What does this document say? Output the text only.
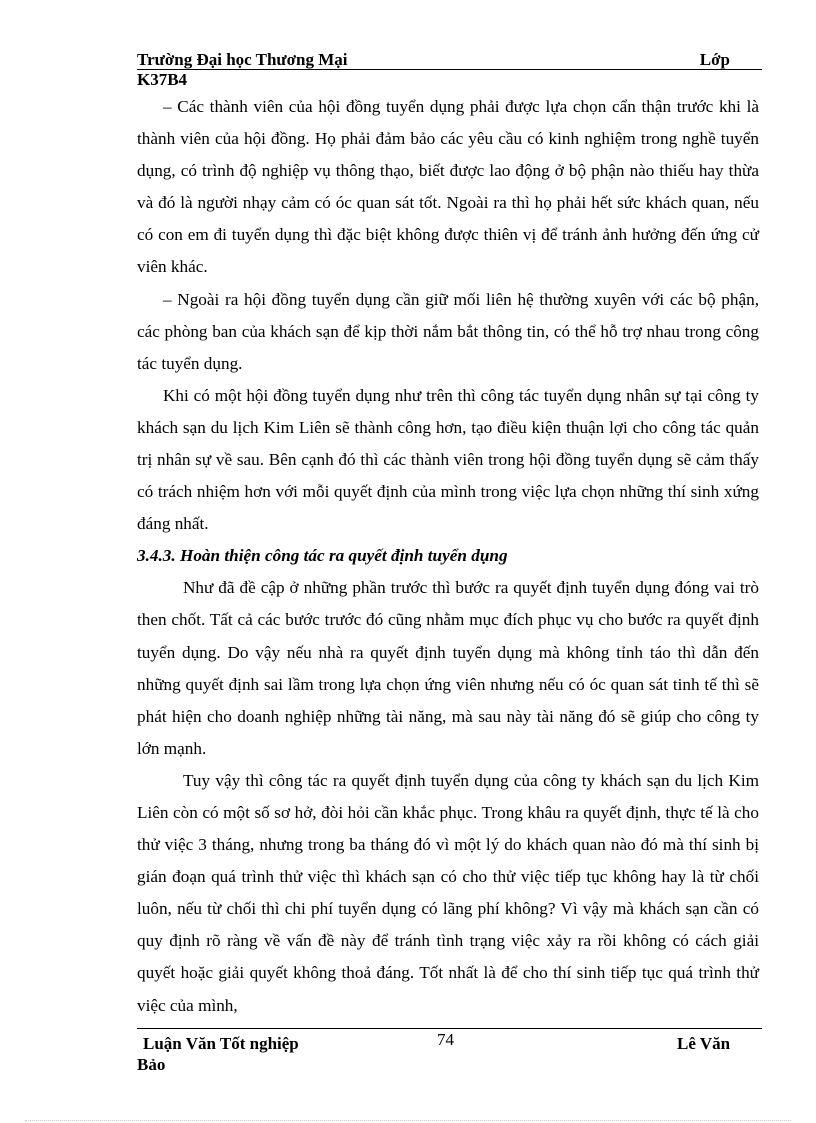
Trường Đại học Thương Mại	Lớp
K37B4

– Các thành viên của hội đồng tuyển dụng phải được lựa chọn cẩn thận trước khi là thành viên của hội đồng. Họ phải đảm bảo các yêu cầu có kinh nghiệm trong nghề tuyển dụng, có trình độ nghiệp vụ thông thạo, biết được lao động ở bộ phận nào thiếu hay thừa và đó là người nhạy cảm có óc quan sát tốt. Ngoài ra thì họ phải hết sức khách quan, nếu có con em đi tuyển dụng thì đặc biệt không được thiên vị để tránh ảnh hưởng đến ứng cử viên khác.

– Ngoài ra hội đồng tuyển dụng cần giữ mối liên hệ thường xuyên với các bộ phận, các phòng ban của khách sạn để kịp thời nắm bắt thông tin, có thể hỗ trợ nhau trong công tác tuyển dụng.

Khi có một hội đồng tuyển dụng như trên thì công tác tuyển dụng nhân sự tại công ty khách sạn du lịch Kim Liên sẽ thành công hơn, tạo điều kiện thuận lợi cho công tác quản trị nhân sự về sau. Bên cạnh đó thì các thành viên trong hội đồng tuyển dụng sẽ cảm thấy có trách nhiệm hơn với mỗi quyết định của mình trong việc lựa chọn những thí sinh xứng đáng nhất.

3.4.3. Hoàn thiện công tác ra quyết định tuyển dụng

Như đã đề cập ở những phần trước thì bước ra quyết định tuyển dụng đóng vai trò then chốt. Tất cả các bước trước đó cũng nhằm mục đích phục vụ cho bước ra quyết định tuyển dụng. Do vậy nếu nhà ra quyết định tuyển dụng mà không tỉnh táo thì dẫn đến những quyết định sai lầm trong lựa chọn ứng viên nhưng nếu có óc quan sát tinh tế thì sẽ phát hiện cho doanh nghiệp những tài năng, mà sau này tài năng đó sẽ giúp cho công ty lớn mạnh.

Tuy vậy thì công tác ra quyết định tuyển dụng của công ty khách sạn du lịch Kim Liên còn có một số sơ hở, đòi hỏi cần khắc phục. Trong khâu ra quyết định, thực tế là cho thử việc 3 tháng, nhưng trong ba tháng đó vì một lý do khách quan nào đó mà thí sinh bị gián đoạn quá trình thử việc thì khách sạn có cho thử việc tiếp tục không hay là từ chối luôn, nếu từ chối thì chi phí tuyển dụng có lãng phí không? Vì vậy mà khách sạn cần có quy định rõ ràng về vấn đề này để tránh tình trạng việc xảy ra rồi không có cách giải quyết hoặc giải quyết không thoả đáng. Tốt nhất là để cho thí sinh tiếp tục quá trình thử việc của mình,

Luận Văn Tốt nghiệp	74	Lê Văn
Bảo
